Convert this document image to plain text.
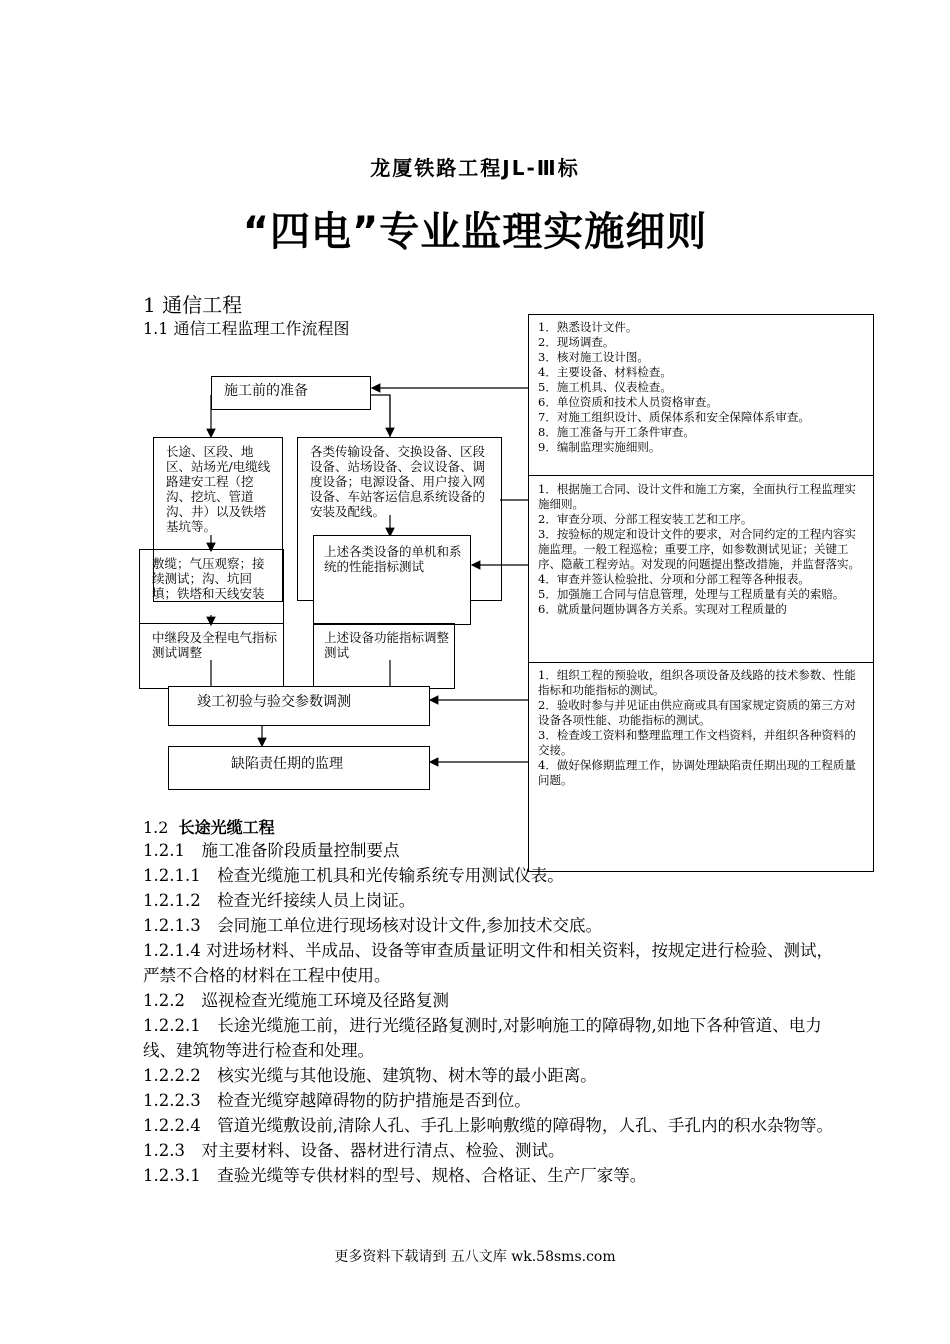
龙厦铁路工程JL-Ⅲ标
“四电”专业监理实施细则
1 通信工程
1.1 通信工程监理工作流程图
施工前的准备
长途、区段、地区、站场光/电缆线路建安工程（挖沟、挖坑、管道沟、井）以及铁塔基坑等。
敷缆；气压观察；接续测试；沟、坑回填；铁塔和天线安装
中继段及全程电气指标测试调整
各类传输设备、交换设备、区段设备、站场设备、会议设备、调度设备；电源设备、用户接入网设备、车站客运信息系统设备的安装及配线。
上述各类设备的单机和系统的性能指标测试
上述设备功能指标调整测试
竣工初验与验交参数调测
缺陷责任期的监理
1．熟悉设计文件。
2．现场调查。
3．核对施工设计图。
4．主要设备、材料检查。
5．施工机具、仪表检查。
6．单位资质和技术人员资格审查。
7．对施工组织设计、质保体系和安全保障体系审查。
8．施工准备与开工条件审查。
9．编制监理实施细则。
1．根据施工合同、设计文件和施工方案，全面执行工程监理实施细则。
2．审查分项、分部工程安装工艺和工序。
3．按验标的规定和设计文件的要求，对合同约定的工程内容实施监理。一般工程巡检；重要工序，如参数测试见证；关键工序、隐蔽工程旁站。对发现的问题提出整改措施，并监督落实。
4．审查并签认检验批、分项和分部工程等各种报表。
5．加强施工合同与信息管理，处理与工程质量有关的索赔。
6．就质量问题协调各方关系。实现对工程质量的
1．组织工程的预验收，组织各项设备及线路的技术参数、性能指标和功能指标的测试。
2．验收时参与并见证由供应商或具有国家规定资质的第三方对设备各项性能、功能指标的测试。
3．检查竣工资料和整理监理工作文档资料，并组织各种资料的交接。
4．做好保修期监理工作，协调处理缺陷责任期出现的工程质量问题。
1.2 长途光缆工程

1.2.1　施工准备阶段质量控制要点

1.2.1.1　检查光缆施工机具和光传输系统专用测试仪表。

1.2.1.2　检查光纤接续人员上岗证。

1.2.1.3　会同施工单位进行现场核对设计文件,参加技术交底。

1.2.1.4 对进场材料、半成品、设备等审查质量证明文件和相关资料，按规定进行检验、测试，严禁不合格的材料在工程中使用。

1.2.2　巡视检查光缆施工环境及径路复测

1.2.2.1　长途光缆施工前，进行光缆径路复测时,对影响施工的障碍物,如地下各种管道、电力线、建筑物等进行检查和处理。

1.2.2.2　核实光缆与其他设施、建筑物、树木等的最小距离。

1.2.2.3　检查光缆穿越障碍物的防护措施是否到位。

1.2.2.4　管道光缆敷设前,清除人孔、手孔上影响敷缆的障碍物，人孔、手孔内的积水杂物等。

1.2.3　对主要材料、设备、器材进行清点、检验、测试。

1.2.3.1　查验光缆等专供材料的型号、规格、合格证、生产厂家等。

更多资料下载请到 五八文库 wk.58sms.com
